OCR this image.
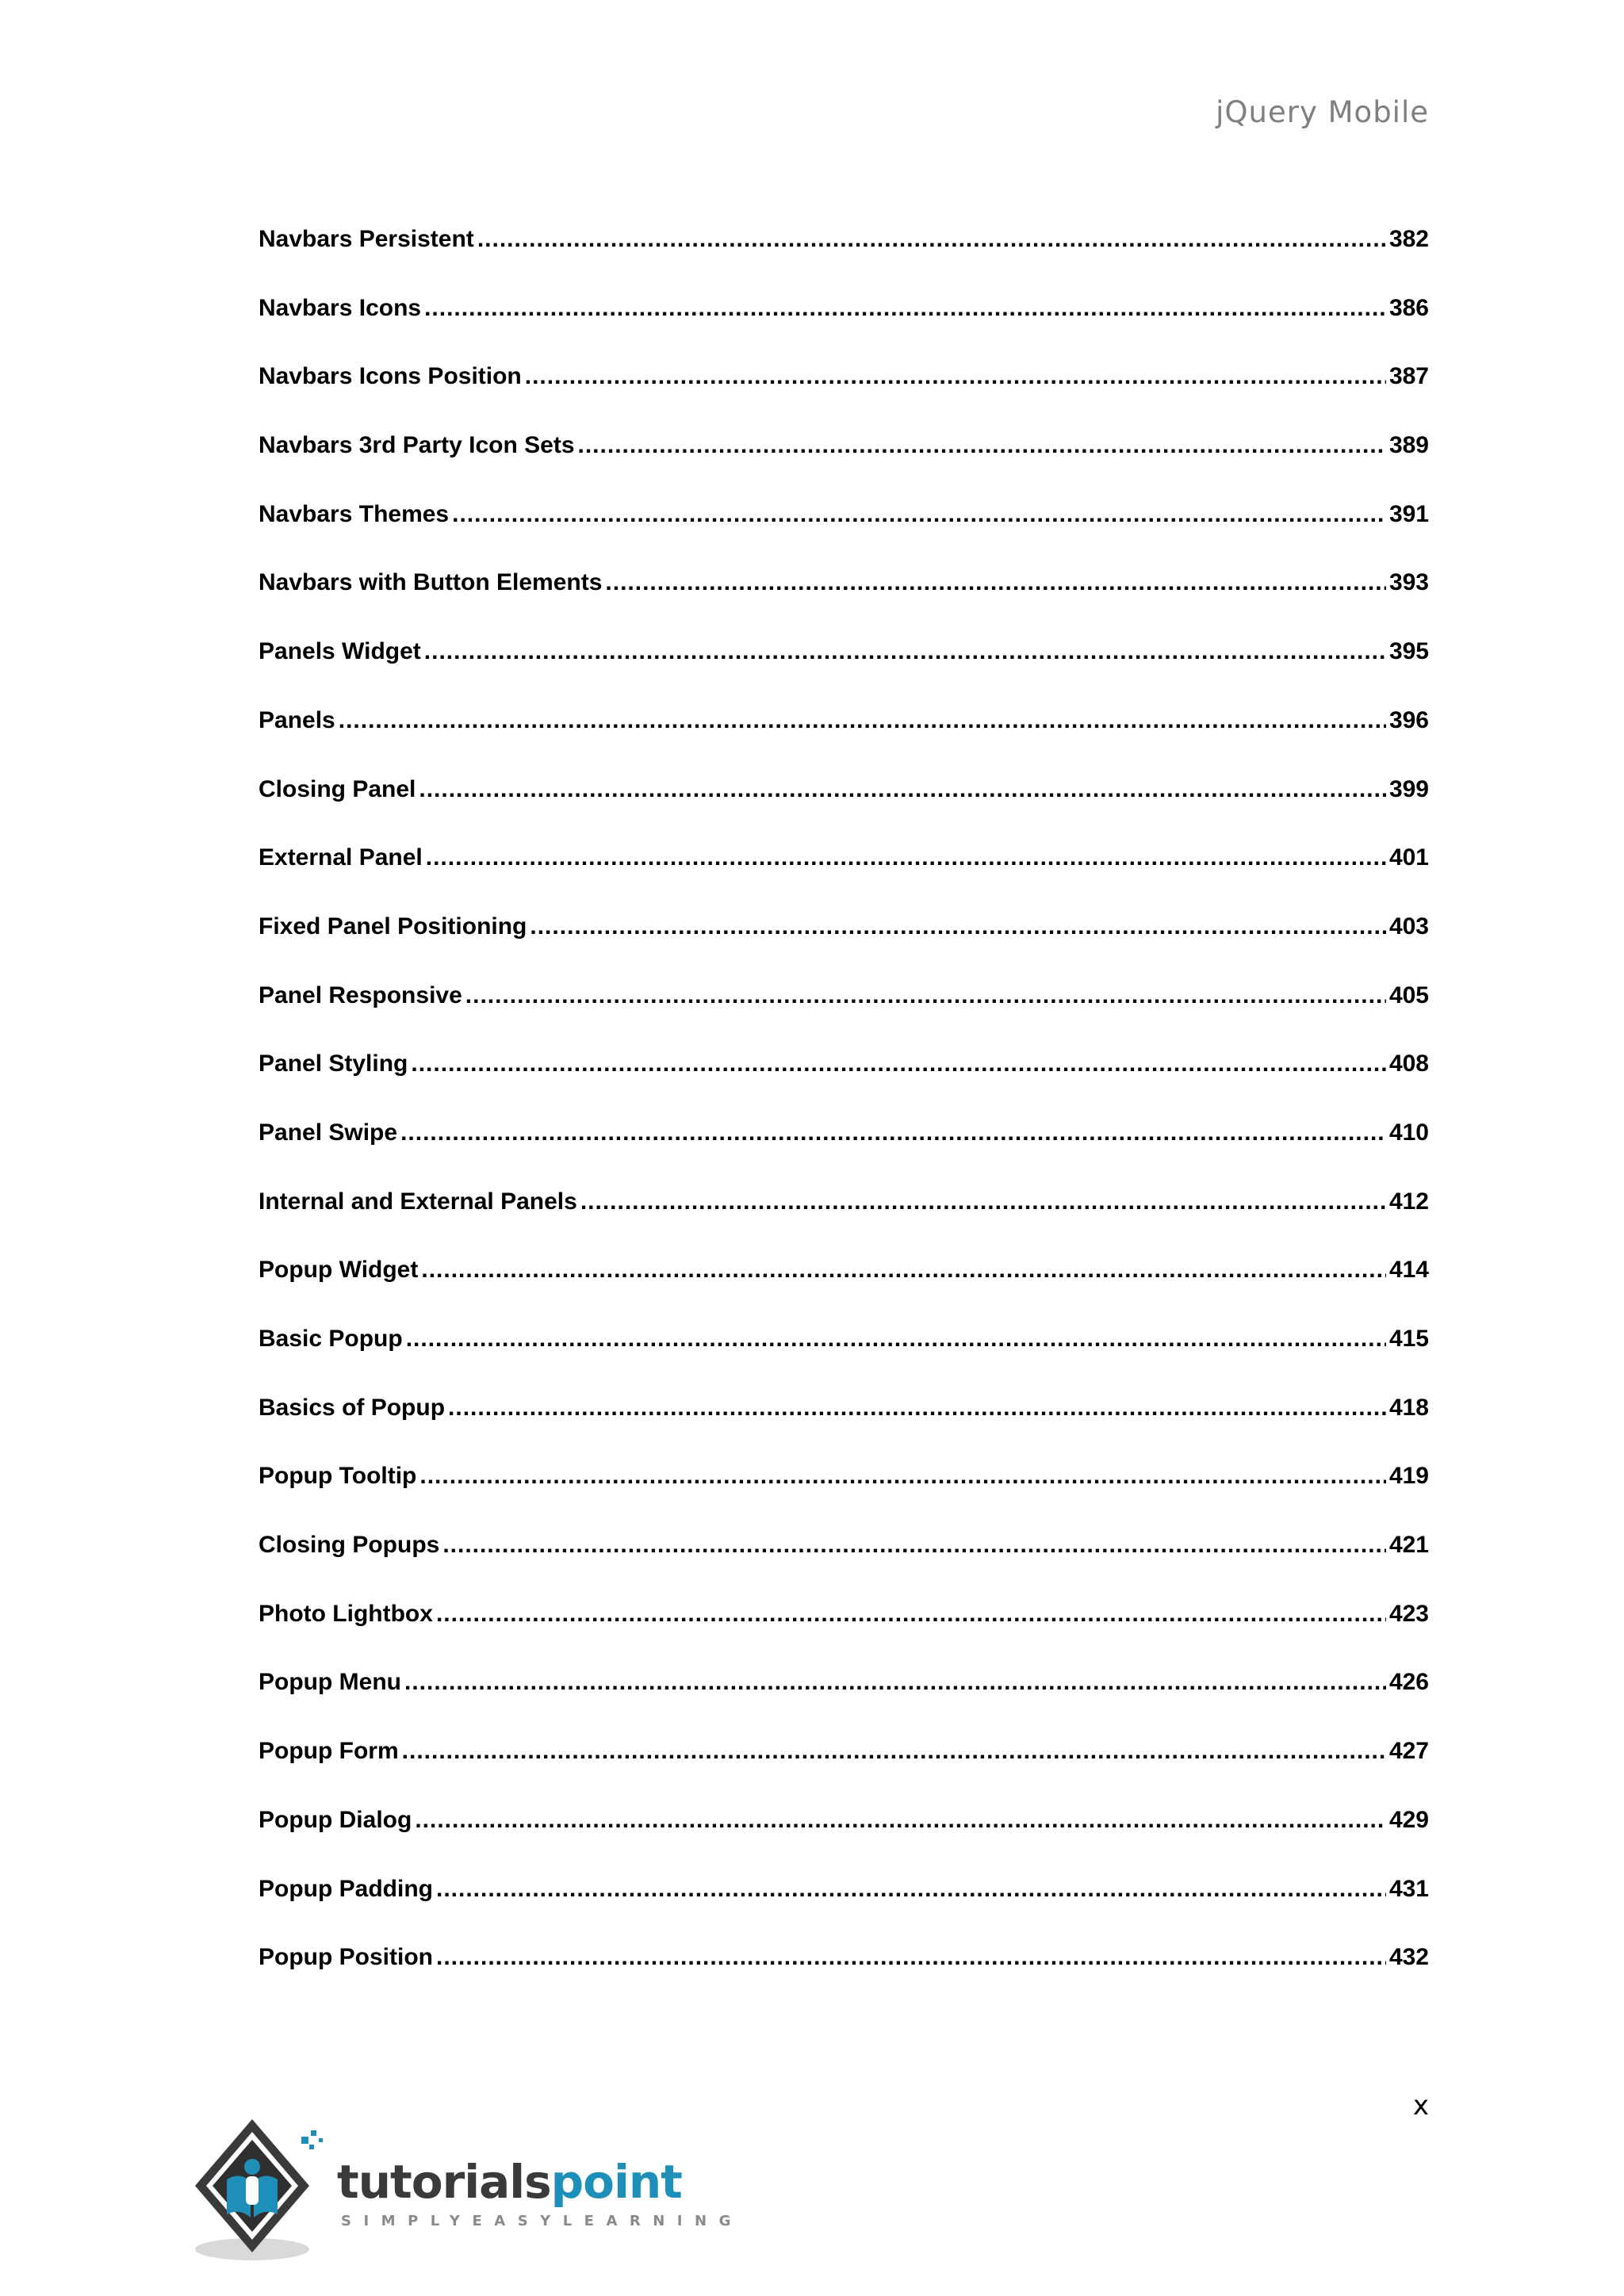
jQuery Mobile
Navbars Persistent .....	382
Navbars Icons .....	386
Navbars Icons Position .....	387
Navbars 3rd Party Icon Sets .....	389
Navbars Themes .....	391
Navbars with Button Elements .....	393
Panels Widget .....	395
Panels .....	396
Closing Panel .....	399
External Panel .....	401
Fixed Panel Positioning .....	403
Panel Responsive .....	405
Panel Styling .....	408
Panel Swipe .....	410
Internal and External Panels .....	412
Popup Widget .....	414
Basic Popup .....	415
Basics of Popup .....	418
Popup Tooltip .....	419
Closing Popups .....	421
Photo Lightbox .....	423
Popup Menu .....	426
Popup Form .....	427
Popup Dialog .....	429
Popup Padding .....	431
Popup Position .....	432
x
tutorialspoint
SIMPLYEASYLEARNING
